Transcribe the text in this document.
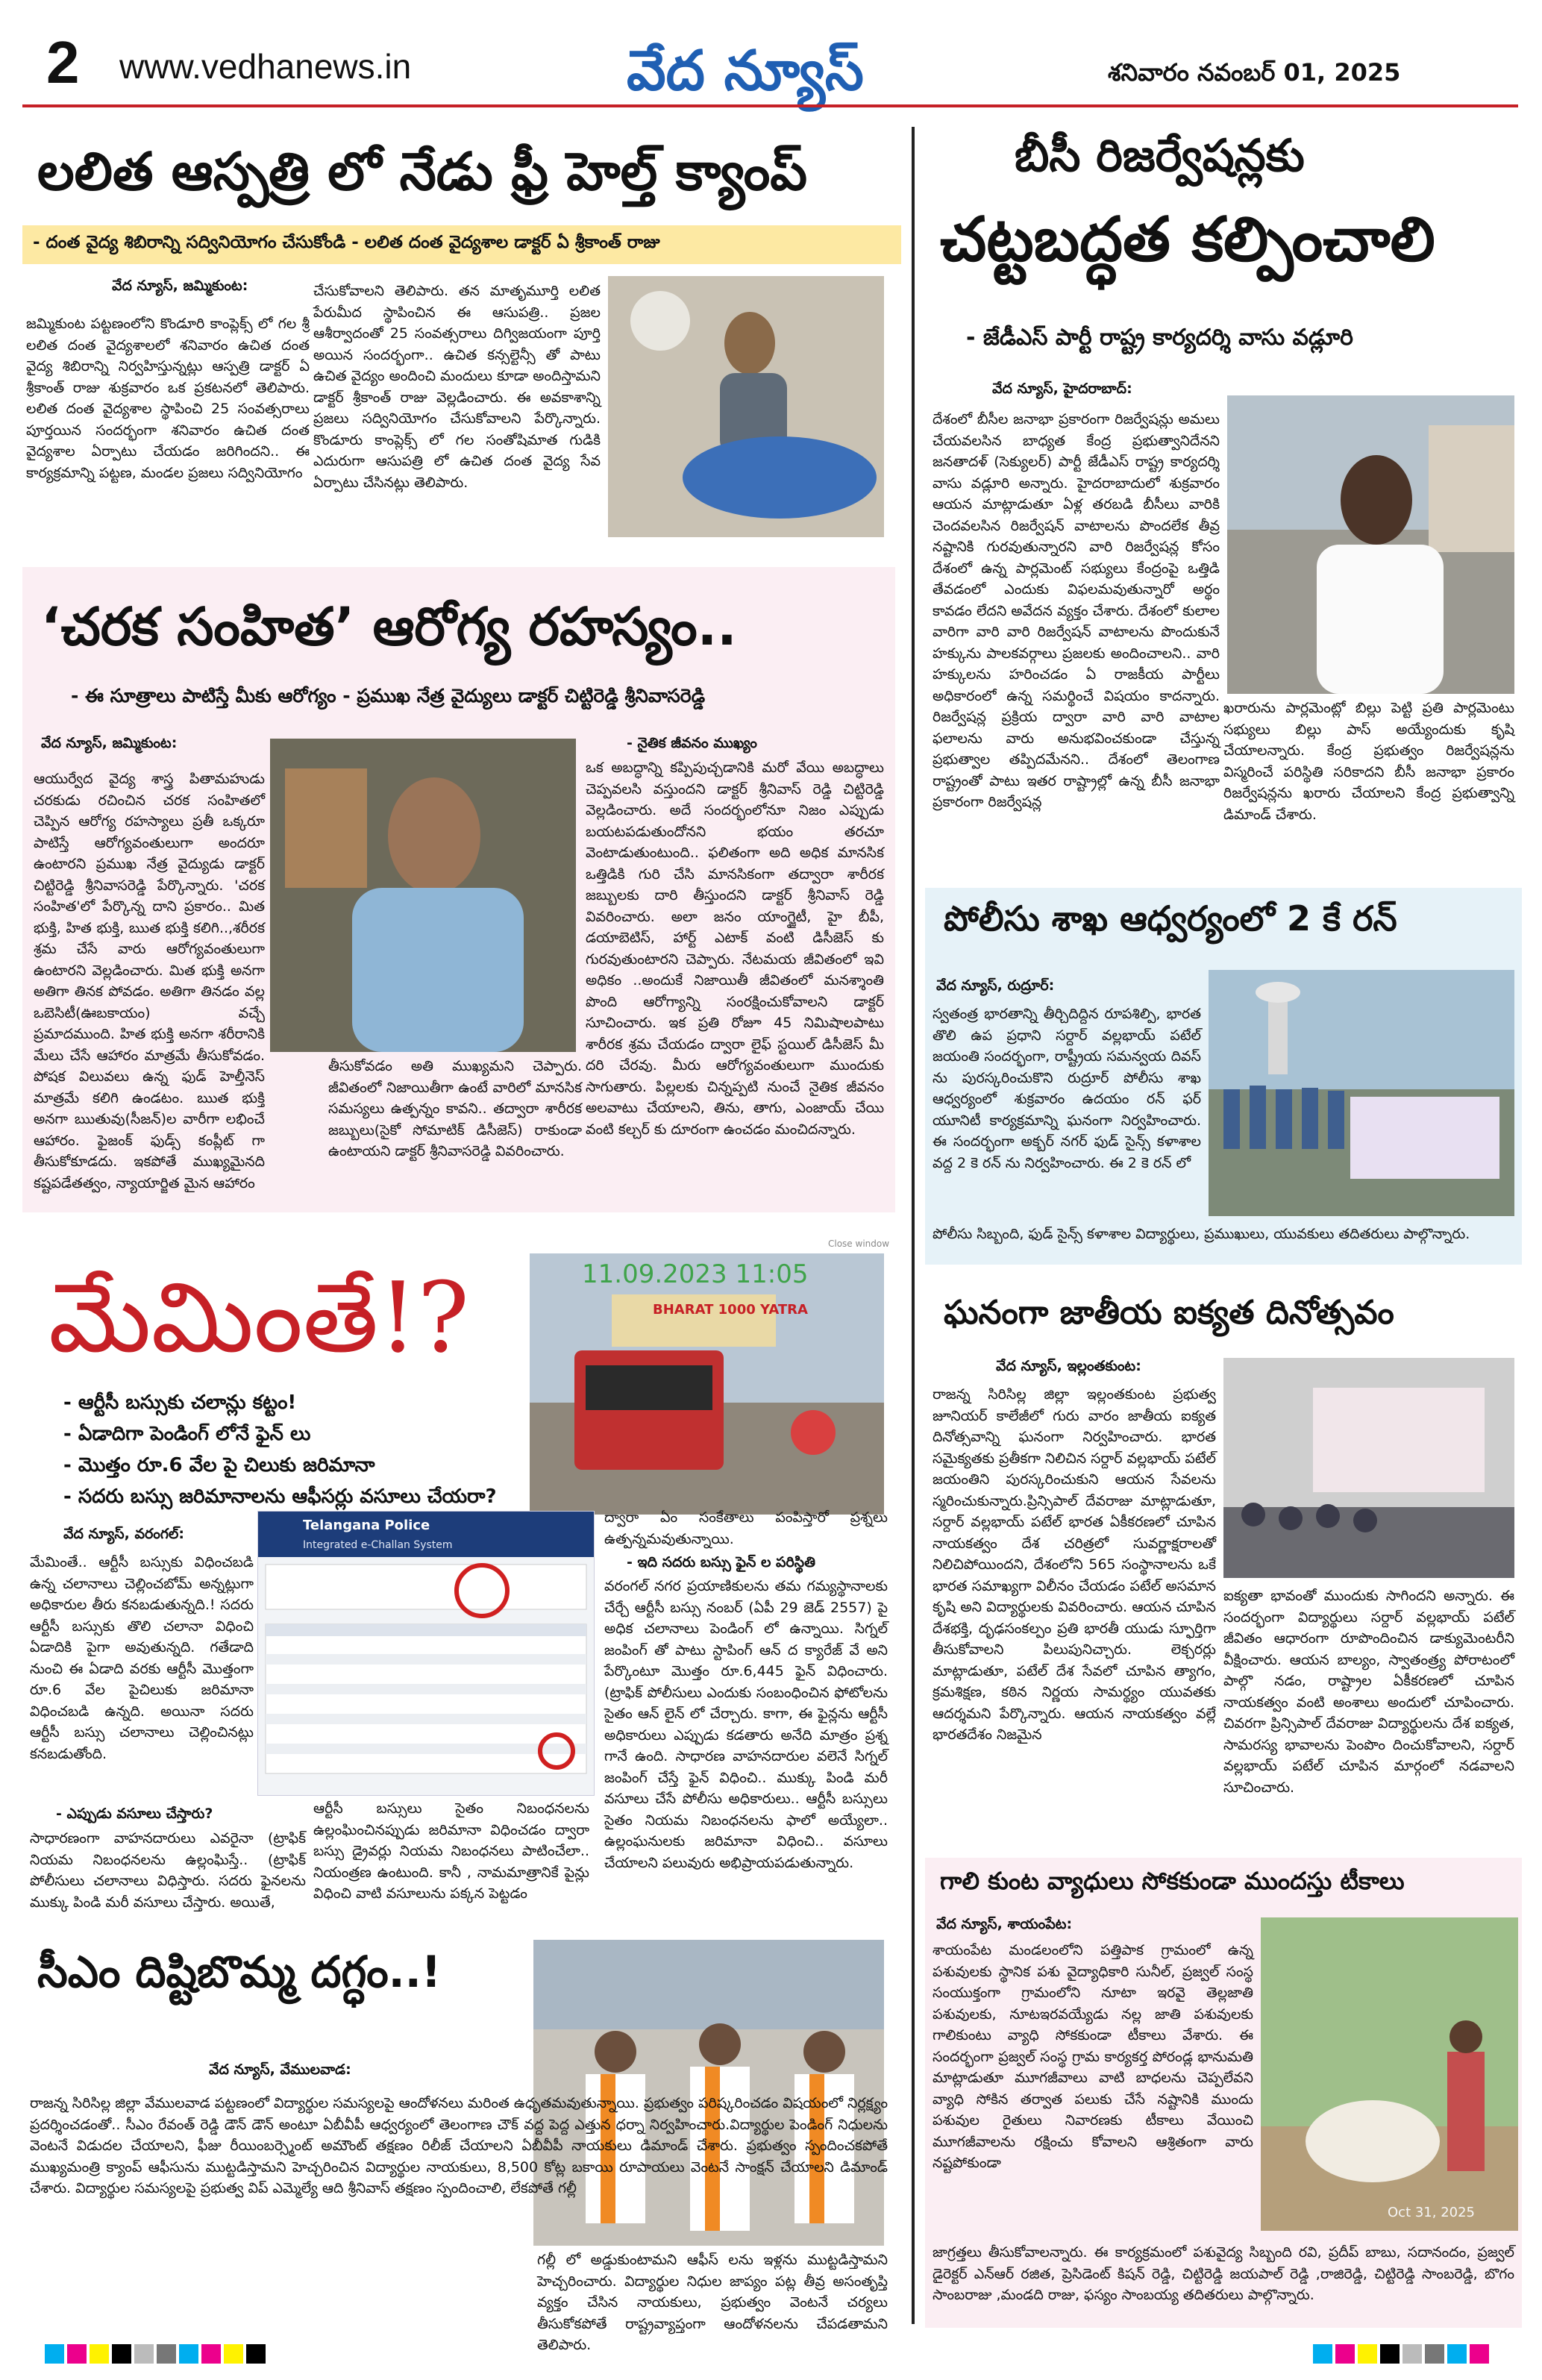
2 www.vedhanews.in	వేద న్యూస్	శనివారం నవంబర్ 01, 2025
లలిత ఆస్పత్రి లో నేడు ఫ్రీ హెల్త్ క్యాంప్
- దంత వైద్య శిబిరాన్ని సద్వినియోగం చేసుకోండి - లలిత దంత వైద్యశాల డాక్టర్ ఏ శ్రీకాంత్ రాజు
వేద న్యూస్, జమ్మికుంట:
జమ్మికుంట పట్టణంలోని కొండూరి కాంప్లెక్స్ లో గల శ్రీ లలిత దంత వైద్యశాలలో శనివారం ఉచిత దంత వైద్య శిబిరాన్ని నిర్వహిస్తున్నట్లు ఆస్పత్రి డాక్టర్ ఏ శ్రీకాంత్ రాజు శుక్రవారం ఒక ప్రకటనలో తెలిపారు. లలిత దంత వైద్యశాల స్థాపించి 25 సంవత్సరాలు పూర్తయిన సందర్భంగా శనివారం ఉచిత దంత వైద్యశాల ఏర్పాటు చేయడం జరిగిందని.. ఈ కార్యక్రమాన్ని పట్టణ, మండల ప్రజలు సద్వినియోగం
చేసుకోవాలని తెలిపారు. తన మాతృమూర్తి లలిత పేరుమీద స్థాపించిన ఈ ఆసుపత్రి.. ప్రజల ఆశీర్వాదంతో 25 సంవత్సరాలు దిగ్విజయంగా పూర్తి అయిన సందర్భంగా.. ఉచిత కన్సల్టెన్సీ తో పాటు ఉచిత వైద్యం అందించి మందులు కూడా అందిస్తామని డాక్టర్ శ్రీకాంత్ రాజు వెల్లడించారు. ఈ అవకాశాన్ని ప్రజలు సద్వినియోగం చేసుకోవాలని పేర్కొన్నారు. కొండూరు కాంప్లెక్స్ లో గల సంతోషిమాత గుడికి ఎదురుగా ఆసుపత్రి లో ఉచిత దంత వైద్య సేవ ఏర్పాటు చేసినట్లు తెలిపారు.
‘చరక సంహిత’ ఆరోగ్య రహస్యం..
- ఈ సూత్రాలు పాటిస్తే మీకు ఆరోగ్యం - ప్రముఖ నేత్ర వైద్యులు డాక్టర్ చిట్టిరెడ్డి శ్రీనివాసరెడ్డి
వేద న్యూస్, జమ్మికుంట:
ఆయుర్వేద వైద్య శాస్త్ర పితామహుడు చరకుడు రచించిన చరక సంహితలో చెప్పిన ఆరోగ్య రహస్యాలు ప్రతీ ఒక్కరూ పాటిస్తే ఆరోగ్యవంతులుగా అందరూ ఉంటారని ప్రముఖ నేత్ర వైద్యుడు డాక్టర్ చిట్టిరెడ్డి శ్రీనివాసరెడ్డి పేర్కొన్నారు. 'చరక సంహిత'లో పేర్కొన్న దాని ప్రకారం.. మిత భుక్తి, హిత భుక్తి, ఋత భుక్తి కలిగి..,శరీరక శ్రమ చేసే వారు ఆరోగ్యవంతులుగా ఉంటారని వెల్లడించారు. మిత భుక్తి అనగా అతిగా తినక పోవడం. అతిగా తినడం వల్ల ఒబెసిటీ(ఊబకాయం) వచ్చే ప్రమాదముంది. హిత భుక్తి అనగా శరీరానికి మేలు చేసే ఆహారం మాత్రమే తీసుకోవడం. పోషక విలువలు ఉన్న ఫుడ్ హెల్తీనెస్ మాత్రమే కలిగి ఉండటం. ఋత భుక్తి అనగా ఋతువు(సీజన్)ల వారీగా లభించే ఆహారం. ఫైజంక్ ఫుడ్స్ కంప్లీట్ గా తీసుకోకూడదు. ఇకపోతే ముఖ్యమైనది కష్టపడేతత్వం, న్యాయార్జిత మైన ఆహారం
తీసుకోవడం అతి ముఖ్యమని చెప్పారు. జీవితంలో నిజాయితీగా ఉంటే వారిలో మానసిక సమస్యలు ఉత్పన్నం కావని.. తద్వారా శారీరక జబ్బులు(సైకో సోమాటిక్ డిసీజెస్) రాకుండా ఉంటాయని డాక్టర్ శ్రీనివాసరెడ్డి వివరించారు.
- నైతిక జీవనం ముఖ్యం
ఒక అబద్ధాన్ని కప్పిపుచ్చడానికి మరో వేయి అబద్ధాలు చెప్పవలసి వస్తుందని డాక్టర్ శ్రీనివాస్ రెడ్డి చిట్టిరెడ్డి వెల్లడించారు. అదే సందర్భంలోనూ నిజం ఎప్పుడు బయటపడుతుందోనని భయం తరచూ వెంటాడుతుంటుంది.. ఫలితంగా అది అధిక మానసిక ఒత్తిడికి గురి చేసి మానసికంగా తద్వారా శారీరక జబ్బులకు దారి తీస్తుందని డాక్టర్ శ్రీనివాస్ రెడ్డి వివరించారు. అలా జనం యాంగ్జైటీ, హై బీపీ, డయాబెటిస్, హార్ట్ ఎటాక్ వంటి డిసీజెస్ కు గురవుతుంటారని చెప్పారు. నేటమయ జీవితంలో ఇవి అధికం ..అందుకే నిజాయితీ జీవితంలో మనశ్శాంతి పొంది ఆరోగ్యాన్ని సంరక్షించుకోవాలని డాక్టర్ సూచించారు. ఇక ప్రతి రోజూ 45 నిమిషాలపాటు శారీరక శ్రమ చేయడం ద్వారా లైఫ్ స్టయిల్ డిసీజెస్ మీ దరి చేరవు. మీరు ఆరోగ్యవంతులుగా ముందుకు సాగుతారు. పిల్లలకు చిన్నప్పటి నుంచే నైతిక జీవనం అలవాటు చేయాలని, తిను, తాగు, ఎంజాయ్ చేయి వంటి కల్చర్ కు దూరంగా ఉంచడం మంచిదన్నారు.
మేమింతే!?
- ఆర్టీసీ బస్సుకు చలాన్లు కట్టం!
- ఏడాదిగా పెండింగ్ లోనే ఫైన్ లు
- మొత్తం రూ.6 వేల పై చిలుకు జరిమానా
- సదరు బస్సు జరిమానాలను ఆఫీసర్లు వసూలు చేయరా?
11.09.2023 11:05
BHARAT 1000 YATRA
Close window
Telangana Police
Integrated e-Challan System
వేద న్యూస్, వరంగల్:
మేమింతే.. ఆర్టీసీ బస్సుకు విధించబడి ఉన్న చలానాలు చెల్లించబోమ్ అన్నట్లుగా అధికారుల తీరు కనబడుతున్నది.! సదరు ఆర్టీసీ బస్సుకు తొలి చలానా విధించి ఏడాదికి పైగా అవుతున్నది. గతేడాది నుంచి ఈ ఏడాది వరకు ఆర్టీసీ మొత్తంగా రూ.6 వేల పైచిలుకు జరిమానా విధించబడి ఉన్నది. అయినా సదరు ఆర్టీసీ బస్సు చలానాలు చెల్లించినట్లు కనబడుతోంది.
- ఎప్పుడు వసూలు చేస్తారు?
సాధారణంగా వాహనదారులు ఎవరైనా (ట్రాఫిక్ నియమ నిబంధనలను ఉల్లంఘిస్తే.. (ట్రాఫిక్ పోలీసులు చలానాలు విధిస్తారు. సదరు ఫైనలను ముక్కు పిండి మరీ వసూలు చేస్తారు. అయితే,
ఆర్టీసీ బస్సులు సైతం నిబంధనలను ఉల్లంఘించినప్పుడు జరిమానా విధించడం ద్వారా బస్సు డ్రైవర్లు నియమ నిబంధనలు పాటించేలా.. నియంత్రణ ఉంటుంది. కానీ , నామమాత్రానికే పైన్లు విధించి వాటి వసూలును పక్కన పెట్టడం
ద్వారా ఏం సంకేతాలు పంపిస్తారో ప్రశ్నలు ఉత్పన్నమవుతున్నాయి.
- ఇది సదరు బస్సు ఫైన్ ల పరిస్థితి
వరంగల్ నగర ప్రయాణికులను తమ గమ్యస్థానాలకు చేర్చే ఆర్టీసీ బస్సు నంబర్ (ఏపీ 29 జెడ్ 2557) పై అధిక చలానాలు పెండింగ్ లో ఉన్నాయి. సిగ్నల్ జంపింగ్ తో పాటు స్టాపింగ్ ఆన్ ద క్యారేజ్ వే అని పేర్కొంటూ మొత్తం రూ.6,445 ఫైన్ విధించారు. (ట్రాఫిక్ పోలీసులు ఎందుకు సంబంధించిన ఫోటోలను సైతం ఆన్ లైన్ లో చేర్చారు. కాగా, ఈ ఫైన్లను ఆర్టీసీ అధికారులు ఎప్పుడు కడతారు అనేది మాత్రం ప్రశ్న గానే ఉంది. సాధారణ వాహనదారుల వలెనే సిగ్నల్ జంపింగ్ చేస్తే ఫైన్ విధించి.. ముక్కు పిండి మరీ వసూలు చేసే పోలీసు అధికారులు.. ఆర్టీసీ బస్సులు సైతం నియమ నిబంధనలను ఫాలో అయ్యేలా.. ఉల్లంఘనులకు జరిమానా విధించి.. వసూలు చేయాలని పలువురు అభిప్రాయపడుతున్నారు.
సీఎం దిష్టిబొమ్మ దగ్ధం..!
వేద న్యూస్, వేములవాడ:
రాజన్న సిరిసిల్ల జిల్లా వేములవాడ పట్టణంలో విద్యార్థుల సమస్యలపై ఆందోళనలు మరింత ఉధృతమవుతున్నాయి. ప్రభుత్వం పరిష్కరించడం విషయంలో నిర్లక్ష్యం ప్రదర్శించడంతో.. సీఎం రేవంత్ రెడ్డి డౌన్ డౌన్ అంటూ ఏబీవీపీ ఆధ్వర్యంలో తెలంగాణ చౌక్ వద్ద పెద్ద ఎత్తున ధర్నా నిర్వహించారు.విద్యార్థుల పెండింగ్ నిధులను వెంటనే విడుదల చేయాలని, ఫీజు రీయింబర్స్మెంట్ అమౌంట్ తక్షణం రిలీజ్ చేయాలని ఏబీవీపీ నాయకులు డిమాండ్ చేశారు. ప్రభుత్వం స్పందించకపోతే ముఖ్యమంత్రి క్యాంప్ ఆఫీసును ముట్టడిస్తామని హెచ్చరించిన విద్యార్థుల నాయకులు, 8,500 కోట్ల బకాయి రూపాయలు వెంటనే సాంక్షన్ చేయాలని డిమాండ్ చేశారు. విద్యార్థుల సమస్యలపై ప్రభుత్వ విప్ ఎమ్మెల్యే ఆది శ్రీనివాస్ తక్షణం స్పందించాలి, లేకపోతే గల్లీ
గల్లీ లో అడ్డుకుంటామని ఆఫీస్ లను ఇళ్లను ముట్టడిస్తామని హెచ్చరించారు. విద్యార్థుల నిధుల జాప్యం పట్ల తీవ్ర అసంతృప్తి వ్యక్తం చేసిన నాయకులు, ప్రభుత్వం వెంటనే చర్యలు తీసుకోకపోతే రాష్ట్రవ్యాప్తంగా ఆందోళనలను చేపడతామని తెలిపారు.
బీసీ రిజర్వేషన్లకు
చట్టబద్ధత కల్పించాలి
- జేడీఎస్ పార్టీ రాష్ట్ర కార్యదర్శి వాసు వడ్లూరి
వేద న్యూస్, హైదరాబాద్:
దేశంలో బీసీల జనాభా ప్రకారంగా రిజర్వేషన్లు అమలు చేయవలసిన బాధ్యత కేంద్ర ప్రభుత్వానిదేనని జనతాదళ్ (సెక్యులర్) పార్టీ జేడీఎస్ రాష్ట్ర కార్యదర్శి వాసు వడ్లూరి అన్నారు. హైదరాబాదులో శుక్రవారం ఆయన మాట్లాడుతూ ఏళ్ల తరబడి బీసీలు వారికి చెందవలసిన రిజర్వేషన్ వాటాలను పొందలేక తీవ్ర నష్టానికి గురవుతున్నారని వారి రిజర్వేషన్ల కోసం దేశంలో ఉన్న పార్లమెంట్ సభ్యులు కేంద్రంపై ఒత్తిడి తేవడంలో ఎందుకు విఫలమవుతున్నారో అర్థం కావడం లేదని అవేదన వ్యక్తం చేశారు. దేశంలో కులాల వారిగా వారి వారి రిజర్వేషన్ వాటాలను పొందుకునే హక్కును పాలకవర్గాలు ప్రజలకు అందించాలని.. వారి హక్కులను హరించడం ఏ రాజకీయ పార్టీలు అధికారంలో ఉన్న సమర్థించే విషయం కాదన్నారు. రిజర్వేషన్ల ప్రక్రియ ద్వారా వారి వారి వాటాల ఫలాలను వారు అనుభవించకుండా చేస్తున్న ప్రభుత్వాల తప్పిదమేనని.. దేశంలో తెలంగాణ రాష్ట్రంతో పాటు ఇతర రాష్ట్రాల్లో ఉన్న బీసీ జనాభా ప్రకారంగా రిజర్వేషన్ల
ఖరారును పార్లమెంట్లో బిల్లు పెట్టి ప్రతి పార్లమెంటు సభ్యులు బిల్లు పాస్ అయ్యేందుకు కృషి చేయాలన్నారు. కేంద్ర ప్రభుత్వం రిజర్వేషన్లను విస్మరించే పరిస్థితి సరికాదని బీసీ జనాభా ప్రకారం రిజర్వేషన్లను ఖరారు చేయాలని కేంద్ర ప్రభుత్వాన్ని డిమాండ్ చేశారు.
పోలీసు శాఖ ఆధ్వర్యంలో 2 కే రన్
వేద న్యూస్, రుద్రూర్:
స్వతంత్ర భారతాన్ని తీర్చిదిద్దిన రూపశిల్పి, భారత తొలి ఉప ప్రధాని సర్దార్ వల్లభాయ్ పటేల్ జయంతి సందర్భంగా, రాష్ట్రీయ సమన్వయ దివస్ ను పురస్కరించుకొని రుద్రూర్ పోలీసు శాఖ ఆధ్వర్యంలో శుక్రవారం ఉదయం రన్ ఫర్ యూనిటీ కార్యక్రమాన్ని ఘనంగా నిర్వహించారు. ఈ సందర్భంగా అక్బర్ నగర్ ఫుడ్ సైన్స్ కళాశాల వద్ద 2 కె రన్ ను నిర్వహించారు. ఈ 2 కె రన్ లో
పోలీసు సిబ్బంది, ఫుడ్ సైన్స్ కళాశాల విద్యార్థులు, ప్రముఖులు, యువకులు తదితరులు పాల్గొన్నారు.
ఘనంగా జాతీయ ఐక్యత దినోత్సవం
వేద న్యూస్, ఇల్లంతకుంట:
రాజన్న సిరిసిల్ల జిల్లా ఇల్లంతకుంట ప్రభుత్వ జూనియర్ కాలేజీలో గురు వారం జాతీయ ఐక్యత దినోత్సవాన్ని ఘనంగా నిర్వహించారు. భారత సమైక్యతకు ప్రతీకగా నిలిచిన సర్దార్ వల్లభాయ్ పటేల్ జయంతిని పురస్కరించుకుని ఆయన సేవలను స్మరించుకున్నారు.ప్రిన్సిపాల్ దేవరాజు మాట్లాడుతూ, సర్దార్ వల్లభాయ్ పటేల్ భారత ఏకీకరణలో చూపిన నాయకత్వం దేశ చరిత్రలో సువర్ణాక్షరాలతో నిలిచిపోయిందని, దేశంలోని 565 సంస్థానాలను ఒకే భారత సమాఖ్యగా విలీనం చేయడం పటేల్ అసమాన కృషి అని విద్యార్థులకు వివరించారు. ఆయన చూపిన దేశభక్తి, దృఢసంకల్పం ప్రతి భారతీ యుడు స్ఫూర్తిగా తీసుకోవాలని పిలుపునిచ్చారు. లెక్చరర్లు మాట్లాడుతూ, పటేల్ దేశ సేవలో చూపిన త్యాగం, క్రమశిక్షణ, కఠిన నిర్ణయ సామర్థ్యం యువతకు ఆదర్శమని పేర్కొన్నారు. ఆయన నాయకత్వం వల్లే భారతదేశం నిజమైన
ఐక్యతా భావంతో ముందుకు సాగిందని అన్నారు. ఈ సందర్భంగా విద్యార్థులు సర్దార్ వల్లభాయ్ పటేల్ జీవితం ఆధారంగా రూపొందించిన డాక్యుమెంటరీని వీక్షించారు. ఆయన బాల్యం, స్వాతంత్ర్య పోరాటంలో పాల్గొ నడం, రాష్ట్రాల ఏకీకరణలో చూపిన నాయకత్వం వంటి అంశాలు అందులో చూపించారు. చివరగా ప్రిన్సిపాల్ దేవరాజు విద్యార్థులను దేశ ఐక్యత, సామరస్య భావాలను పెంపొం దించుకోవాలని, సర్దార్ వల్లభాయ్ పటేల్ చూపిన మార్గంలో నడవాలని సూచించారు.
గాలి కుంట వ్యాధులు సోకకుండా ముందస్తు టీకాలు
వేద న్యూస్, శాయంపేట:
శాయంపేట మండలంలోని పత్తిపాక గ్రామంలో ఉన్న పశువులకు స్థానిక పశు వైద్యాధికారి సునీల్, ప్రజ్వల్ సంస్థ సంయుక్తంగా గ్రామంలోని నూటా ఇరవై తెల్లజాతి పశువులకు, నూటఇరవయ్యేడు నల్ల జాతి పశువులకు గాలికుంటు వ్యాధి సోకకుండా టీకాలు వేశారు. ఈ సందర్భంగా ప్రజ్వల్ సంస్థ గ్రామ కార్యకర్త పోరండ్ల భానుమతి మాట్లాడుతూ మూగజీవాలు వాటి బాధలను చెప్పలేవని వ్యాధి సోకిన తర్వాత పలుకు చేసే నష్టానికి ముందు పశువుల రైతులు నివారణకు టీకాలు వేయించి మూగజీవాలను రక్షించు కోవాలని ఆశ్రితంగా వారు నష్టపోకుండా
Oct 31, 2025
జాగ్రత్తలు తీసుకోవాలన్నారు. ఈ కార్యక్రమంలో పశువైద్య సిబ్బంది రవి, ప్రదీప్ బాబు, సదానందం, ప్రజ్వల్ డైరెక్టర్ ఎన్ఆర్ రజిత, ప్రెసిడెంట్ కిషన్ రెడ్డి, చిట్టిరెడ్డి జయపాల్ రెడ్డి ,రాజిరెడ్డి, చిట్టిరెడ్డి సాంబరెడ్డి, బొగం సాంబరాజు ,మండది రాజు, ఫస్యం సాంబయ్య తదితరులు పాల్గొన్నారు.
